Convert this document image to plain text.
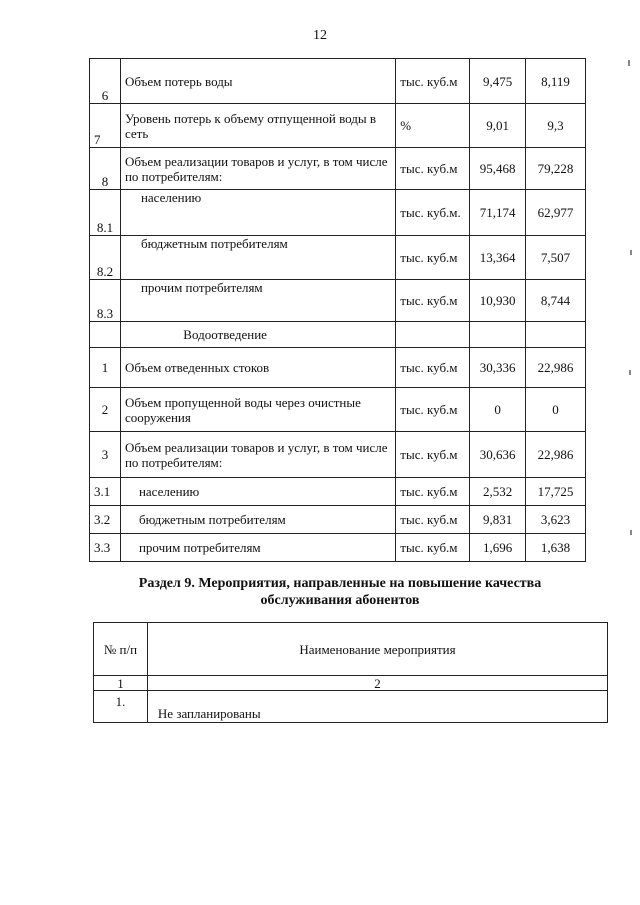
12
6	Объем потерь воды	тыс. куб.м	9,475	8,119
7	Уровень потерь к объему отпущенной воды в сеть	%	9,01	9,3
8	Объем реализации товаров и услуг, в том числе по потребителям:	тыс. куб.м	95,468	79,228
8.1	населению	тыс. куб.м.	71,174	62,977
8.2	бюджетным потребителям	тыс. куб.м	13,364	7,507
8.3	прочим потребителям	тыс. куб.м	10,930	8,744
	Водоотведение			
1	Объем отведенных стоков	тыс. куб.м	30,336	22,986
2	Объем пропущенной воды через очистные сооружения	тыс. куб.м	0	0
3	Объем реализации товаров и услуг, в том числе по потребителям:	тыс. куб.м	30,636	22,986
3.1	населению	тыс. куб.м	2,532	17,725
3.2	бюджетным потребителям	тыс. куб.м	9,831	3,623
3.3	прочим потребителям	тыс. куб.м	1,696	1,638
Раздел 9. Мероприятия, направленные на повышение качества обслуживания абонентов
№ п/п	Наименование мероприятия
1	2
1.	Не запланированы
